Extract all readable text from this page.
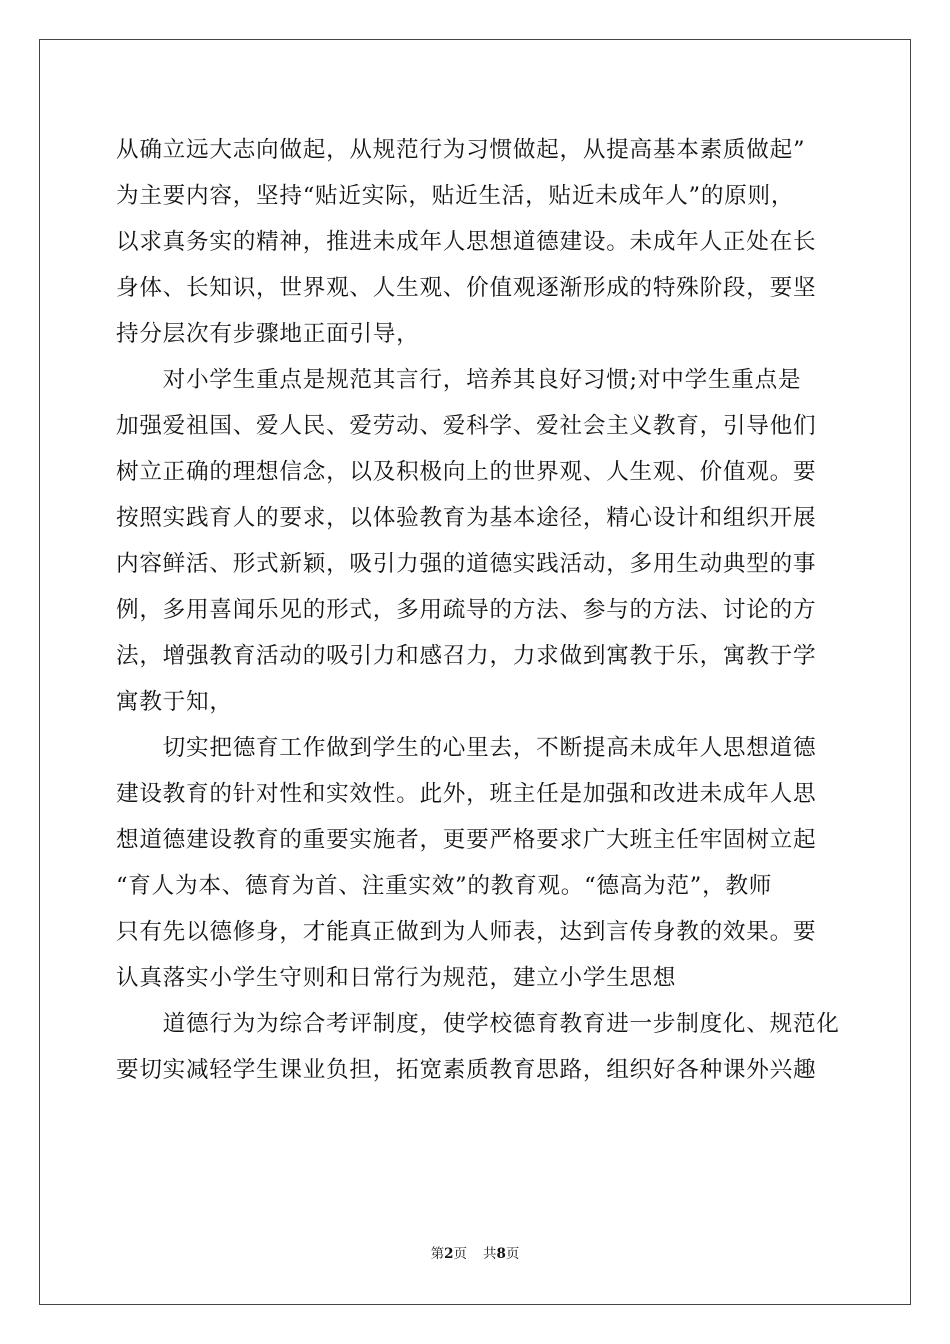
从确立远大志向做起，从规范行为习惯做起，从提高基本素质做起”
为主要内容，坚持“贴近实际，贴近生活，贴近未成年人”的原则，
以求真务实的精神，推进未成年人思想道德建设。未成年人正处在长
身体、长知识，世界观、人生观、价值观逐渐形成的特殊阶段，要坚
持分层次有步骤地正面引导，
　　对小学生重点是规范其言行，培养其良好习惯;对中学生重点是
加强爱祖国、爱人民、爱劳动、爱科学、爱社会主义教育，引导他们
树立正确的理想信念，以及积极向上的世界观、人生观、价值观。要
按照实践育人的要求，以体验教育为基本途径，精心设计和组织开展
内容鲜活、形式新颖，吸引力强的道德实践活动，多用生动典型的事
例，多用喜闻乐见的形式，多用疏导的方法、参与的方法、讨论的方
法，增强教育活动的吸引力和感召力，力求做到寓教于乐，寓教于学
寓教于知，
　　切实把德育工作做到学生的心里去，不断提高未成年人思想道德
建设教育的针对性和实效性。此外，班主任是加强和改进未成年人思
想道德建设教育的重要实施者，更要严格要求广大班主任牢固树立起
“育人为本、德育为首、注重实效”的教育观。“德高为范”，教师
只有先以德修身，才能真正做到为人师表，达到言传身教的效果。要
认真落实小学生守则和日常行为规范，建立小学生思想
　　道德行为为综合考评制度，使学校德育教育进一步制度化、规范化
要切实减轻学生课业负担，拓宽素质教育思路，组织好各种课外兴趣
第2页 共8页
